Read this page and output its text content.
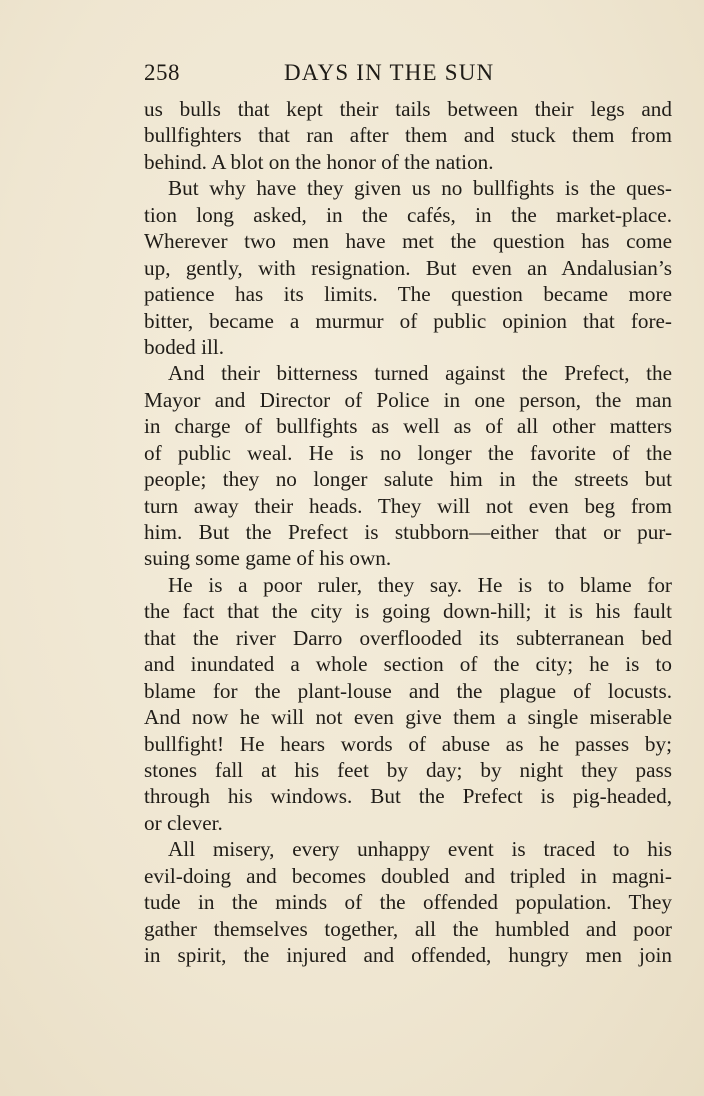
258	DAYS IN THE SUN
us bulls that kept their tails between their legs and
bullfighters that ran after them and stuck them from
behind. A blot on the honor of the nation.
But why have they given us no bullfights is the ques-
tion long asked, in the cafés, in the market-place.
Wherever two men have met the question has come
up, gently, with resignation. But even an Andalusian’s
patience has its limits. The question became more
bitter, became a murmur of public opinion that fore-
boded ill.
And their bitterness turned against the Prefect, the
Mayor and Director of Police in one person, the man
in charge of bullfights as well as of all other matters
of public weal. He is no longer the favorite of the
people; they no longer salute him in the streets but
turn away their heads. They will not even beg from
him. But the Prefect is stubborn—either that or pur-
suing some game of his own.
He is a poor ruler, they say. He is to blame for
the fact that the city is going down-hill; it is his fault
that the river Darro overflooded its subterranean bed
and inundated a whole section of the city; he is to
blame for the plant-louse and the plague of locusts.
And now he will not even give them a single miserable
bullfight! He hears words of abuse as he passes by;
stones fall at his feet by day; by night they pass
through his windows. But the Prefect is pig-headed,
or clever.
All misery, every unhappy event is traced to his
evil-doing and becomes doubled and tripled in magni-
tude in the minds of the offended population. They
gather themselves together, all the humbled and poor
in spirit, the injured and offended, hungry men join
